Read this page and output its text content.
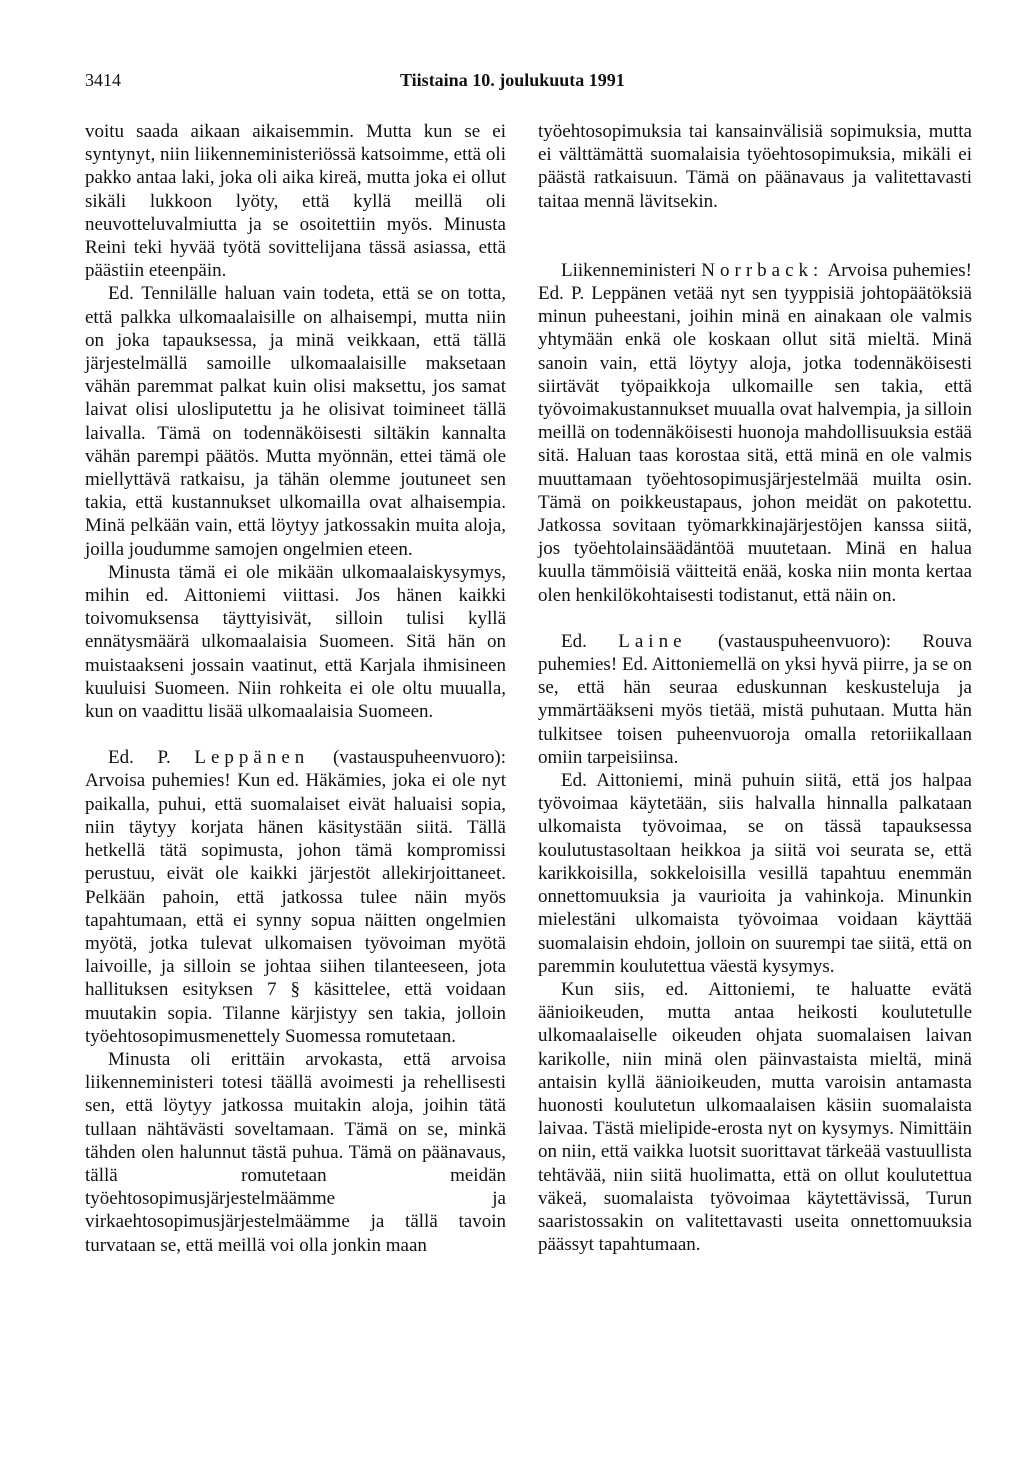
3414	Tiistaina 10. joulukuuta 1991

voitu saada aikaan aikaisemmin. Mutta kun se ei syntynyt, niin liikenneministeriössä katsoimme, että oli pakko antaa laki, joka oli aika kireä, mutta joka ei ollut sikäli lukkoon lyöty, että kyllä meillä oli neuvotteluvalmiutta ja se osoitettiin myös. Minusta Reini teki hyvää työtä sovittelijana tässä asiassa, että päästiin eteenpäin.

Ed. Tennilälle haluan vain todeta, että se on totta, että palkka ulkomaalaisille on alhaisempi, mutta niin on joka tapauksessa, ja minä veikkaan, että tällä järjestelmällä samoille ulkomaalaisille maksetaan vähän paremmat palkat kuin olisi maksettu, jos samat laivat olisi ulosliputettu ja he olisivat toimineet tällä laivalla. Tämä on todennäköisesti siltäkin kannalta vähän parempi päätös. Mutta myönnän, ettei tämä ole miellyttävä ratkaisu, ja tähän olemme joutuneet sen takia, että kustannukset ulkomailla ovat alhaisempia. Minä pelkään vain, että löytyy jatkossakin muita aloja, joilla joudumme samojen ongelmien eteen.

Minusta tämä ei ole mikään ulkomaalaiskysymys, mihin ed. Aittoniemi viittasi. Jos hänen kaikki toivomuksensa täyttyisivät, silloin tulisi kyllä ennätysmäärä ulkomaalaisia Suomeen. Sitä hän on muistaakseni jossain vaatinut, että Karjala ihmisineen kuuluisi Suomeen. Niin rohkeita ei ole oltu muualla, kun on vaadittu lisää ulkomaalaisia Suomeen.

Ed. P. Leppänen (vastauspuheenvuoro): Arvoisa puhemies! Kun ed. Häkämies, joka ei ole nyt paikalla, puhui, että suomalaiset eivät haluaisi sopia, niin täytyy korjata hänen käsitystään siitä. Tällä hetkellä tätä sopimusta, johon tämä kompromissi perustuu, eivät ole kaikki järjestöt allekirjoittaneet. Pelkään pahoin, että jatkossa tulee näin myös tapahtumaan, että ei synny sopua näitten ongelmien myötä, jotka tulevat ulkomaisen työvoiman myötä laivoille, ja silloin se johtaa siihen tilanteeseen, jota hallituksen esityksen 7 § käsittelee, että voidaan muutakin sopia. Tilanne kärjistyy sen takia, jolloin työehtosopimusmenettely Suomessa romutetaan.

Minusta oli erittäin arvokasta, että arvoisa liikenneministeri totesi täällä avoimesti ja rehellisesti sen, että löytyy jatkossa muitakin aloja, joihin tätä tullaan nähtävästi soveltamaan. Tämä on se, minkä tähden olen halunnut tästä puhua. Tämä on päänavaus, tällä romutetaan meidän työehtosopimusjärjestelmäämme ja virkaehtosopimusjärjestelmäämme ja tällä tavoin turvataan se, että meillä voi olla jonkin maan

työehtosopimuksia tai kansainvälisiä sopimuksia, mutta ei välttämättä suomalaisia työehtosopimuksia, mikäli ei päästä ratkaisuun. Tämä on päänavaus ja valitettavasti taitaa mennä lävitsekin.

Liikenneministeri Norrback: Arvoisa puhemies! Ed. P. Leppänen vetää nyt sen tyyppisiä johtopäätöksiä minun puheestani, joihin minä en ainakaan ole valmis yhtymään enkä ole koskaan ollut sitä mieltä. Minä sanoin vain, että löytyy aloja, jotka todennäköisesti siirtävät työpaikkoja ulkomaille sen takia, että työvoimakustannukset muualla ovat halvempia, ja silloin meillä on todennäköisesti huonoja mahdollisuuksia estää sitä. Haluan taas korostaa sitä, että minä en ole valmis muuttamaan työehtosopimusjärjestelmää muilta osin. Tämä on poikkeustapaus, johon meidät on pakotettu. Jatkossa sovitaan työmarkkinajärjestöjen kanssa siitä, jos työehtolainsäädäntöä muutetaan. Minä en halua kuulla tämmöisiä väitteitä enää, koska niin monta kertaa olen henkilökohtaisesti todistanut, että näin on.

Ed. Laine (vastauspuheenvuoro): Rouva puhemies! Ed. Aittoniemellä on yksi hyvä piirre, ja se on se, että hän seuraa eduskunnan keskusteluja ja ymmärtääkseni myös tietää, mistä puhutaan. Mutta hän tulkitsee toisen puheenvuoroja omalla retoriikallaan omiin tarpeisiinsa.

Ed. Aittoniemi, minä puhuin siitä, että jos halpaa työvoimaa käytetään, siis halvalla hinnalla palkataan ulkomaista työvoimaa, se on tässä tapauksessa koulutustasoltaan heikkoa ja siitä voi seurata se, että karikkoisilla, sokkeloisilla vesillä tapahtuu enemmän onnettomuuksia ja vaurioita ja vahinkoja. Minunkin mielestäni ulkomaista työvoimaa voidaan käyttää suomalaisin ehdoin, jolloin on suurempi tae siitä, että on paremmin koulutettua väestä kysymys.

Kun siis, ed. Aittoniemi, te haluatte evätä äänioikeuden, mutta antaa heikosti koulutetulle ulkomaalaiselle oikeuden ohjata suomalaisen laivan karikolle, niin minä olen päinvastaista mieltä, minä antaisin kyllä äänioikeuden, mutta varoisin antamasta huonosti koulutetun ulkomaalaisen käsiin suomalaista laivaa. Tästä mielipide-erosta nyt on kysymys. Nimittäin on niin, että vaikka luotsit suorittavat tärkeää vastuullista tehtävää, niin siitä huolimatta, että on ollut koulutettua väkeä, suomalaista työvoimaa käytettävissä, Turun saaristossakin on valitettavasti useita onnettomuuksia päässyt tapahtumaan.
